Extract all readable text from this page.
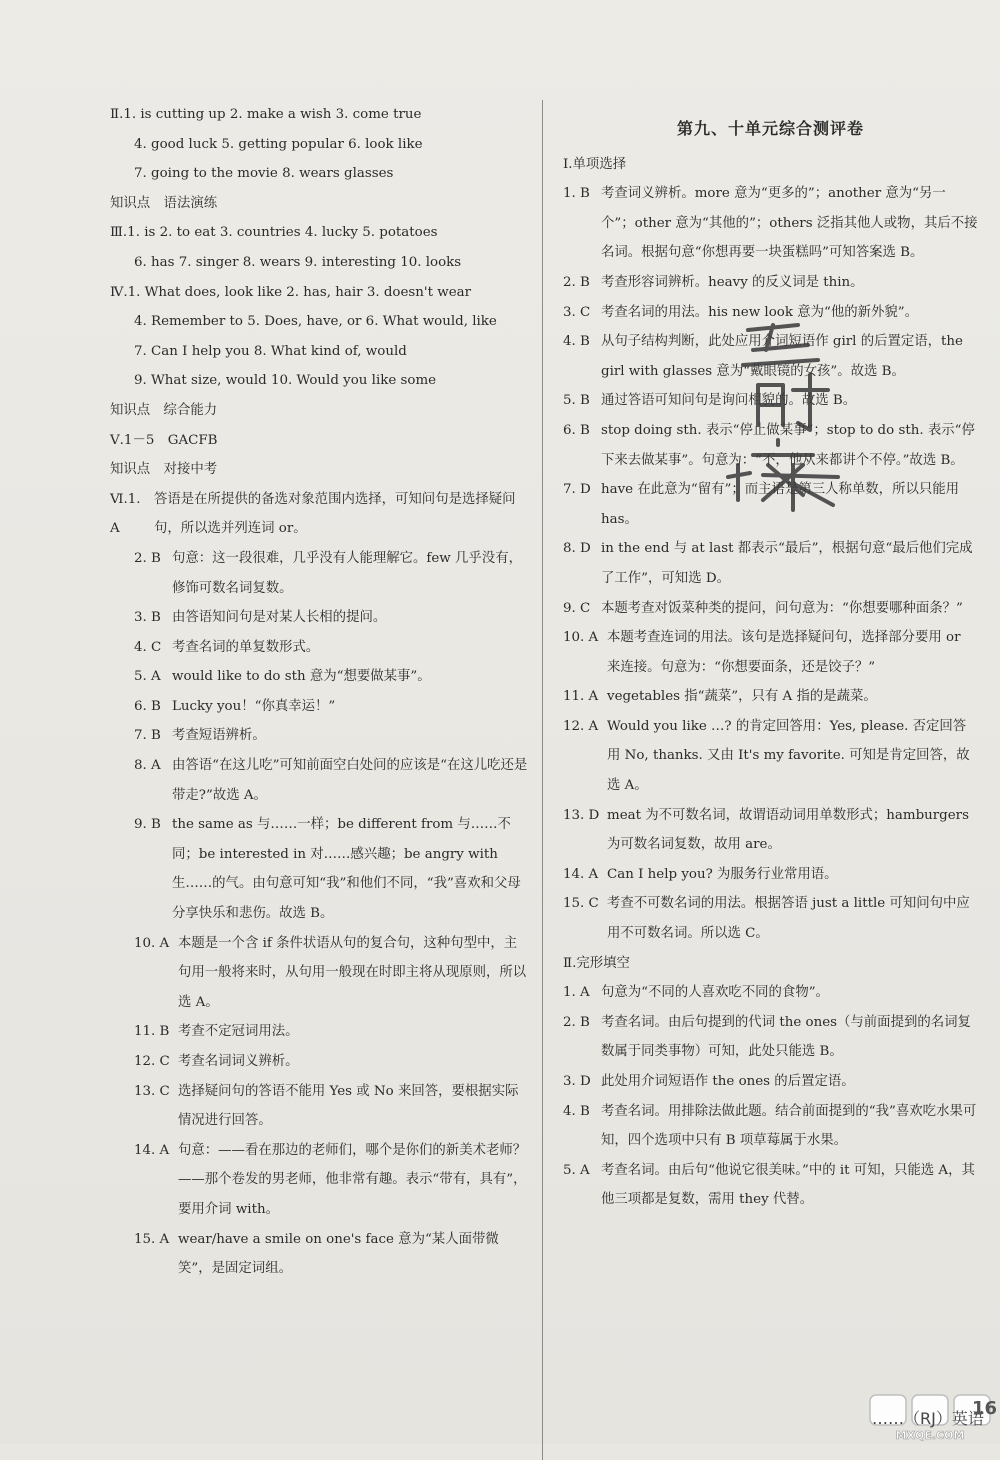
Ⅱ.1. is cutting up 2. make a wish 3. come true
4. good luck 5. getting popular 6. look like
7. going to the movie 8. wears glasses
知识点　语法演练
Ⅲ.1. is 2. to eat 3. countries 4. lucky 5. potatoes
6. has 7. singer 8. wears 9. interesting 10. looks
Ⅳ.1. What does, look like 2. has, hair 3. doesn't wear
4. Remember to 5. Does, have, or 6. What would, like
7. Can I help you 8. What kind of, would
9. What size, would 10. Would you like some
知识点　综合能力
Ⅴ.1－5　GACFB
知识点　对接中考
Ⅵ.1. A
答语是在所提供的备选对象范围内选择，可知问句是选择疑问句，所以选并列连词 or。
2. B 句意：这一段很难，几乎没有人能理解它。few 几乎没有，修饰可数名词复数。
3. B 由答语知问句是对某人长相的提问。
4. C 考查名词的单复数形式。
5. A would like to do sth 意为“想要做某事”。
6. B Lucky you！“你真幸运！”
7. B 考查短语辨析。
8. A 由答语“在这儿吃”可知前面空白处问的应该是“在这儿吃还是带走?”故选 A。
9. B the same as 与……一样；be different from 与……不同；be interested in 对……感兴趣；be angry with 生……的气。由句意可知“我”和他们不同，“我”喜欢和父母分享快乐和悲伤。故选 B。
10. A 本题是一个含 if 条件状语从句的复合句，这种句型中，主句用一般将来时，从句用一般现在时即主将从现原则，所以选 A。
11. B 考查不定冠词用法。
12. C 考查名词词义辨析。
13. C 选择疑问句的答语不能用 Yes 或 No 来回答，要根据实际情况进行回答。
14. A 句意：——看在那边的老师们，哪个是你们的新美术老师？——那个卷发的男老师，他非常有趣。表示“带有，具有”，要用介词 with。
15. A wear/have a smile on one's face 意为“某人面带微笑”，是固定词组。
第九、十单元综合测评卷
Ⅰ.单项选择
1. B 考查词义辨析。more 意为“更多的”；another 意为“另一个”；other 意为“其他的”；others 泛指其他人或物，其后不接名词。根据句意“你想再要一块蛋糕吗”可知答案选 B。
2. B 考查形容词辨析。heavy 的反义词是 thin。
3. C 考查名词的用法。his new look 意为“他的新外貌”。
4. B 从句子结构判断，此处应用介词短语作 girl 的后置定语，the girl with glasses 意为“戴眼镜的女孩”。故选 B。
5. B 通过答语可知问句是询问相貌的。故选 B。
6. B stop doing sth. 表示“停止做某事”；stop to do sth. 表示“停下来去做某事”。句意为：“不，他从来都讲个不停。”故选 B。
7. D have 在此意为“留有”；而主语是第三人称单数，所以只能用 has。
8. D in the end 与 at last 都表示“最后”，根据句意“最后他们完成了工作”，可知选 D。
9. C 本题考查对饭菜种类的提问，问句意为：“你想要哪种面条？”
10. A 本题考查连词的用法。该句是选择疑问句，选择部分要用 or 来连接。句意为：“你想要面条，还是饺子？”
11. A vegetables 指“蔬菜”，只有 A 指的是蔬菜。
12. A Would you like …? 的肯定回答用：Yes, please. 否定回答用 No, thanks. 又由 It's my favorite. 可知是肯定回答，故选 A。
13. D meat 为不可数名词，故谓语动词用单数形式；hamburgers 为可数名词复数，故用 are。
14. A Can I help you? 为服务行业常用语。
15. C 考查不可数名词的用法。根据答语 just a little 可知问句中应用不可数名词。所以选 C。
Ⅱ.完形填空
1. A 句意为“不同的人喜欢吃不同的食物”。
2. B 考查名词。由后句提到的代词 the ones（与前面提到的名词复数属于同类事物）可知，此处只能选 B。
3. D 此处用介词短语作 the ones 的后置定语。
4. B 考查名词。用排除法做此题。结合前面提到的“我”喜欢吃水果可知，四个选项中只有 B 项草莓属于水果。
5. A 考查名词。由后句“他说它很美味。”中的 it 可知，只能选 A，其他三项都是复数，需用 they 代替。
MXQE.COM
……（RJ）英语
16
